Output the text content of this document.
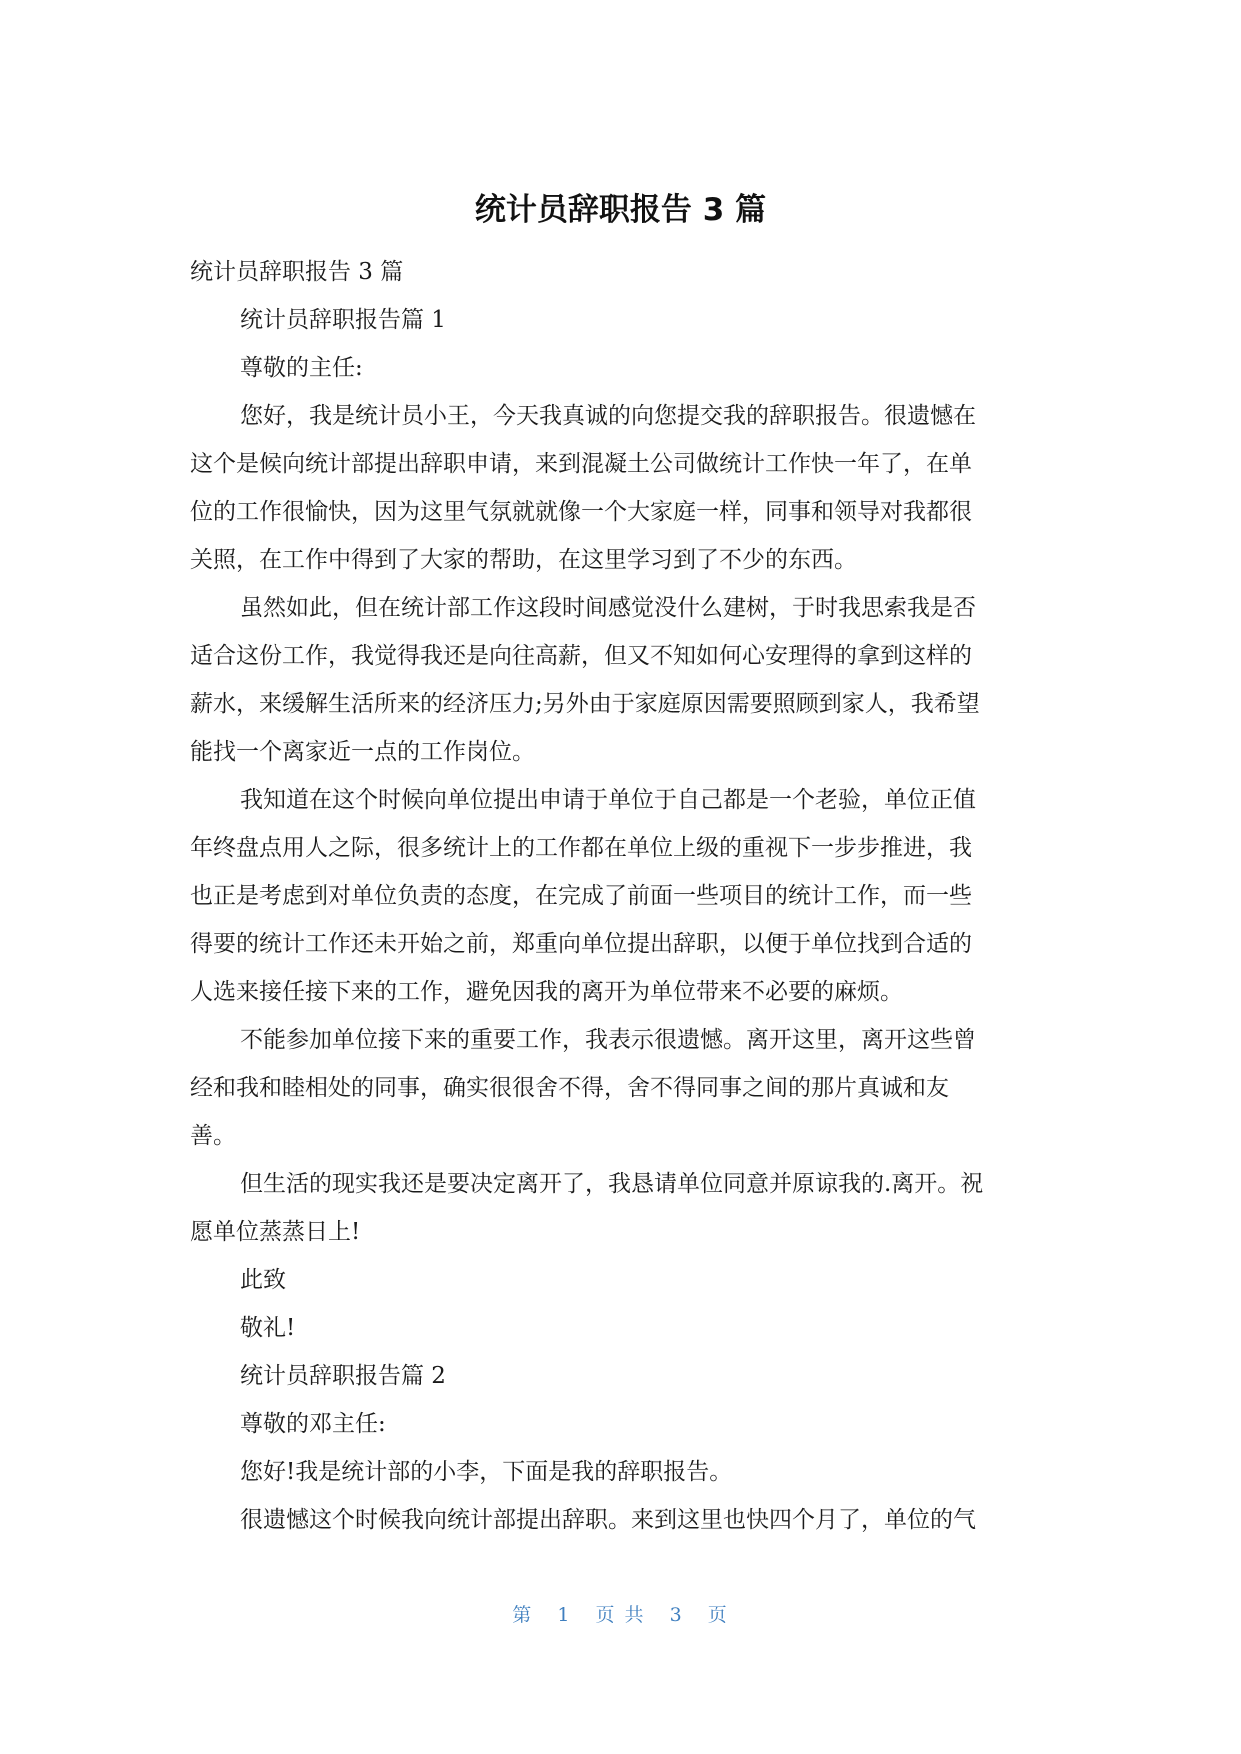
统计员辞职报告 3 篇

统计员辞职报告 3 篇

统计员辞职报告篇 1

尊敬的主任:

您好，我是统计员小王，今天我真诚的向您提交我的辞职报告。很遗憾在

这个是候向统计部提出辞职申请，来到混凝土公司做统计工作快一年了，在单

位的工作很愉快，因为这里气氛就就像一个大家庭一样，同事和领导对我都很

关照，在工作中得到了大家的帮助，在这里学习到了不少的东西。

虽然如此，但在统计部工作这段时间感觉没什么建树，于时我思索我是否

适合这份工作，我觉得我还是向往高薪，但又不知如何心安理得的拿到这样的

薪水，来缓解生活所来的经济压力;另外由于家庭原因需要照顾到家人，我希望

能找一个离家近一点的工作岗位。

我知道在这个时候向单位提出申请于单位于自己都是一个老验，单位正值

年终盘点用人之际，很多统计上的工作都在单位上级的重视下一步步推进，我

也正是考虑到对单位负责的态度，在完成了前面一些项目的统计工作，而一些

得要的统计工作还未开始之前，郑重向单位提出辞职，以便于单位找到合适的

人选来接任接下来的工作，避免因我的离开为单位带来不必要的麻烦。

不能参加单位接下来的重要工作，我表示很遗憾。离开这里，离开这些曾

经和我和睦相处的同事，确实很很舍不得，舍不得同事之间的那片真诚和友

善。

但生活的现实我还是要决定离开了，我恳请单位同意并原谅我的.离开。祝

愿单位蒸蒸日上!

此致

敬礼!

统计员辞职报告篇 2

尊敬的邓主任:

您好!我是统计部的小李，下面是我的辞职报告。

很遗憾这个时候我向统计部提出辞职。来到这里也快四个月了，单位的气

第 1 页 共 3 页
